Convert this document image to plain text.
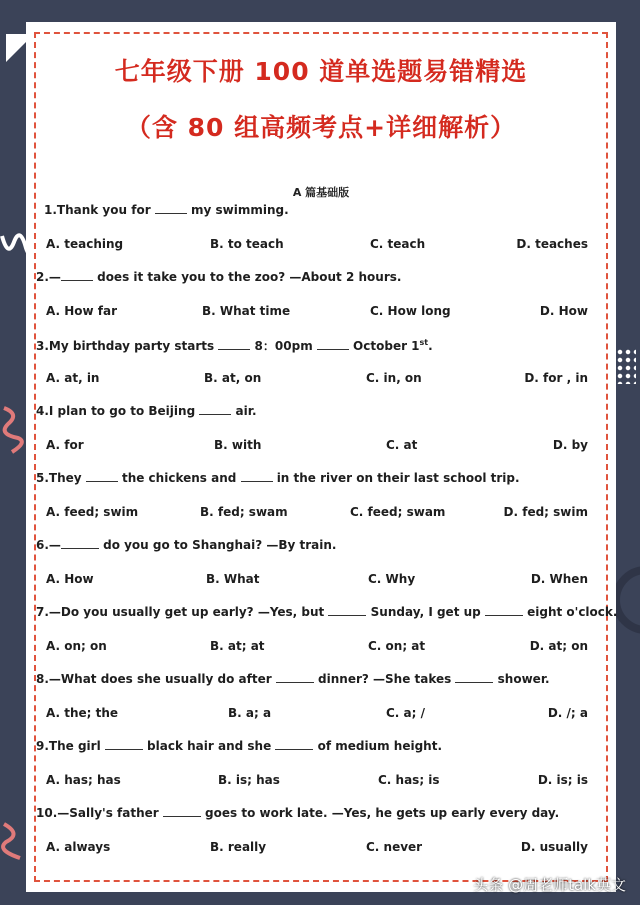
七年级下册 100 道单选题易错精选
（含 80 组高频考点+详细解析）
A 篇基础版
1.Thank you for	my swimming.
A. teaching	B. to teach	C. teach	D. teaches
2.—	does it take you to the zoo? —About 2 hours.
A. How far	B. What time	C. How long	D. How
3.My birthday party starts	8：00pm	October 1st.
A. at, in	B. at, on	C. in, on	D. for , in
4.I plan to go to Beijing	air.
A. for	B. with	C. at	D. by
5.They	the chickens and	in the river on their last school trip.
A. feed; swim	B. fed; swam	C. feed; swam	D. fed; swim
6.—	do you go to Shanghai? —By train.
A. How	B. What	C. Why	D. When
7.—Do you usually get up early? —Yes, but	Sunday, I get up	eight o'clock.
A. on; on	B. at; at	C. on; at	D. at; on
8.—What does she usually do after	dinner? —She takes	shower.
A. the; the	B. a; a	C. a; /	D. /; a
9.The girl	black hair and she	of medium height.
A. has; has	B. is; has	C. has; is	D. is; is
10.—Sally's father	goes to work late. —Yes, he gets up early every day.
A. always	B. really	C. never	D. usually
头条 @周老师talk英文
